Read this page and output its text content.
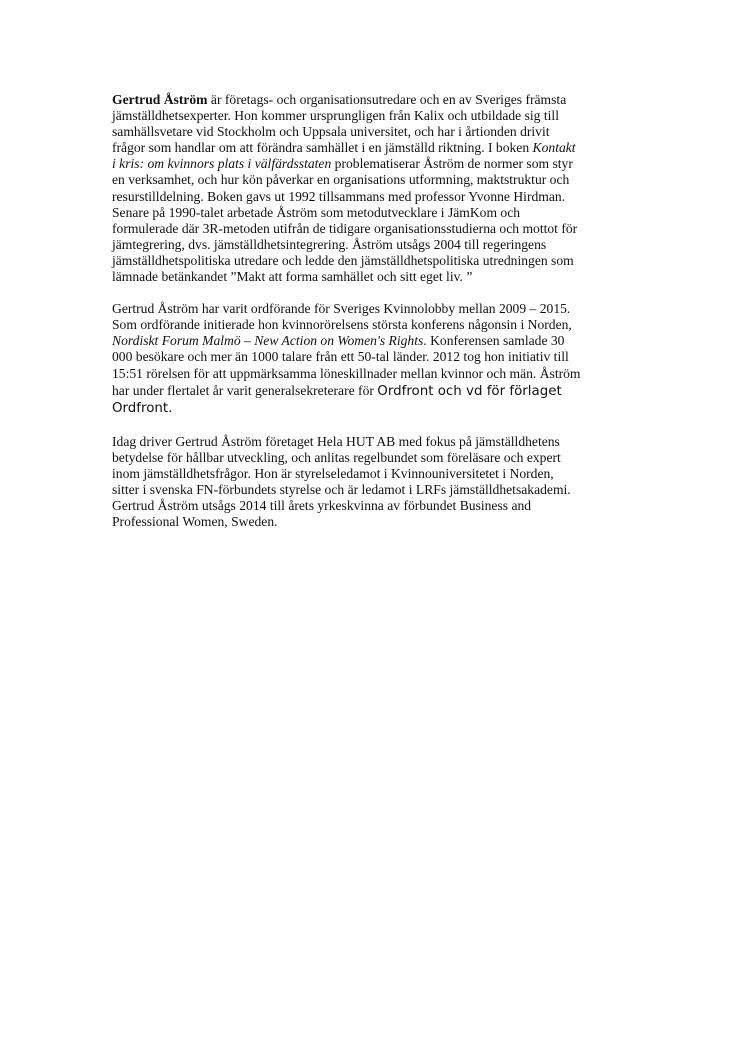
Gertrud Åström är företags- och organisationsutredare och en av Sveriges främsta
jämställdhetsexperter. Hon kommer ursprungligen från Kalix och utbildade sig till
samhällsvetare vid Stockholm och Uppsala universitet, och har i årtionden drivit
frågor som handlar om att förändra samhället i en jämställd riktning. I boken Kontakt
i kris: om kvinnors plats i välfärdsstaten problematiserar Åström de normer som styr
en verksamhet, och hur kön påverkar en organisations utformning, maktstruktur och
resurstilldelning. Boken gavs ut 1992 tillsammans med professor Yvonne Hirdman.
Senare på 1990-talet arbetade Åström som metodutvecklare i JämKom och
formulerade där 3R-metoden utifrån de tidigare organisationsstudierna och mottot för
jämtegrering, dvs. jämställdhetsintegrering. Åström utsågs 2004 till regeringens
jämställdhetspolitiska utredare och ledde den jämställdhetspolitiska utredningen som
lämnade betänkandet ”Makt att forma samhället och sitt eget liv. ”
Gertrud Åström har varit ordförande för Sveriges Kvinnolobby mellan 2009 – 2015.
Som ordförande initierade hon kvinnorörelsens största konferens någonsin i Norden,
Nordiskt Forum Malmö – New Action on Women's Rights. Konferensen samlade 30
000 besökare och mer än 1000 talare från ett 50-tal länder. 2012 tog hon initiativ till
15:51 rörelsen för att uppmärksamma löneskillnader mellan kvinnor och män. Åström
har under flertalet år varit generalsekreterare för Ordfront och vd för förlaget
Ordfront.
Idag driver Gertrud Åström företaget Hela HUT AB med fokus på jämställdhetens
betydelse för hållbar utveckling, och anlitas regelbundet som föreläsare och expert
inom jämställdhetsfrågor. Hon är styrelseledamot i Kvinnouniversitetet i Norden,
sitter i svenska FN-förbundets styrelse och är ledamot i LRFs jämställdhetsakademi.
Gertrud Åström utsågs 2014 till årets yrkeskvinna av förbundet Business and
Professional Women, Sweden.
